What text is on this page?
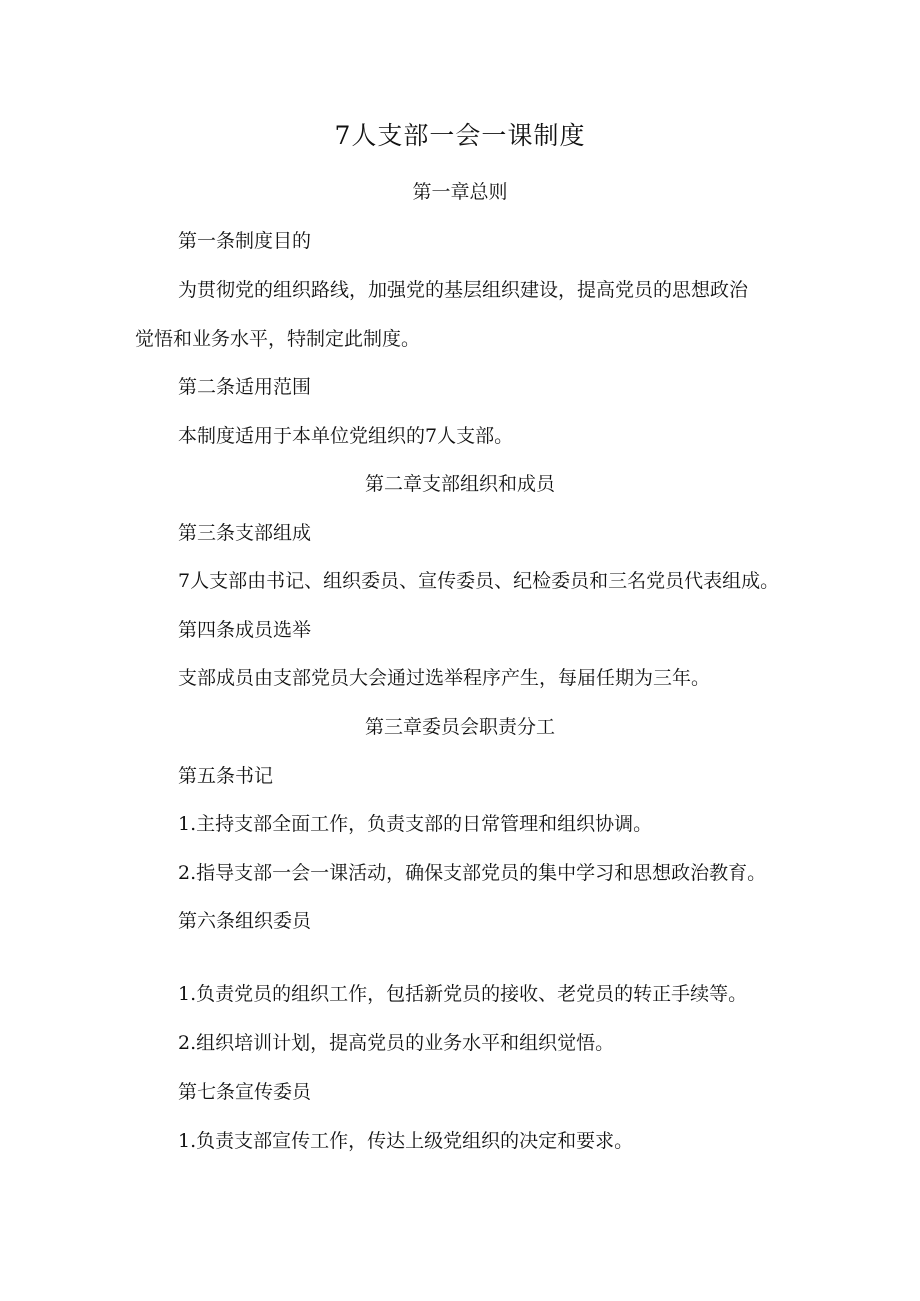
7人支部一会一课制度
第一章总则
第一条制度目的
为贯彻党的组织路线，加强党的基层组织建设，提高党员的思想政治
觉悟和业务水平，特制定此制度。
第二条适用范围
本制度适用于本单位党组织的7人支部。
第二章支部组织和成员
第三条支部组成
7人支部由书记、组织委员、宣传委员、纪检委员和三名党员代表组成。
第四条成员选举
支部成员由支部党员大会通过选举程序产生，每届任期为三年。
第三章委员会职责分工
第五条书记
1.主持支部全面工作，负责支部的日常管理和组织协调。
2.指导支部一会一课活动，确保支部党员的集中学习和思想政治教育。
第六条组织委员
1.负责党员的组织工作，包括新党员的接收、老党员的转正手续等。
2.组织培训计划，提高党员的业务水平和组织觉悟。
第七条宣传委员
1.负责支部宣传工作，传达上级党组织的决定和要求。
